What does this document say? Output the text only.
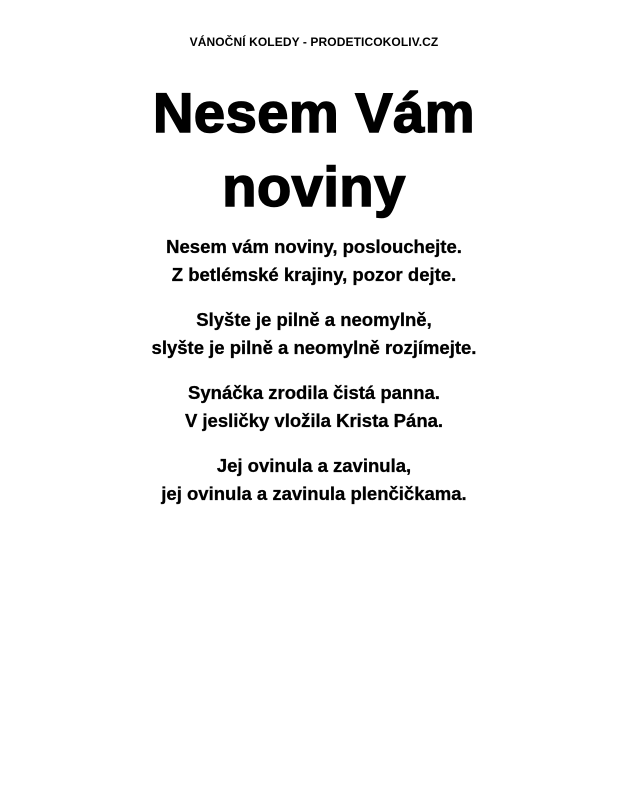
VÁNOČNÍ KOLEDY - PRODETICOKOLIV.CZ
Nesem Vám
noviny

Nesem vám noviny, poslouchejte.
Z betlémské krajiny, pozor dejte.

Slyšte je pilně a neomylně,
slyšte je pilně a neomylně rozjímejte.

Synáčka zrodila čistá panna.
V jesličky vložila Krista Pána.

Jej ovinula a zavinula,
jej ovinula a zavinula plenčičkama.
